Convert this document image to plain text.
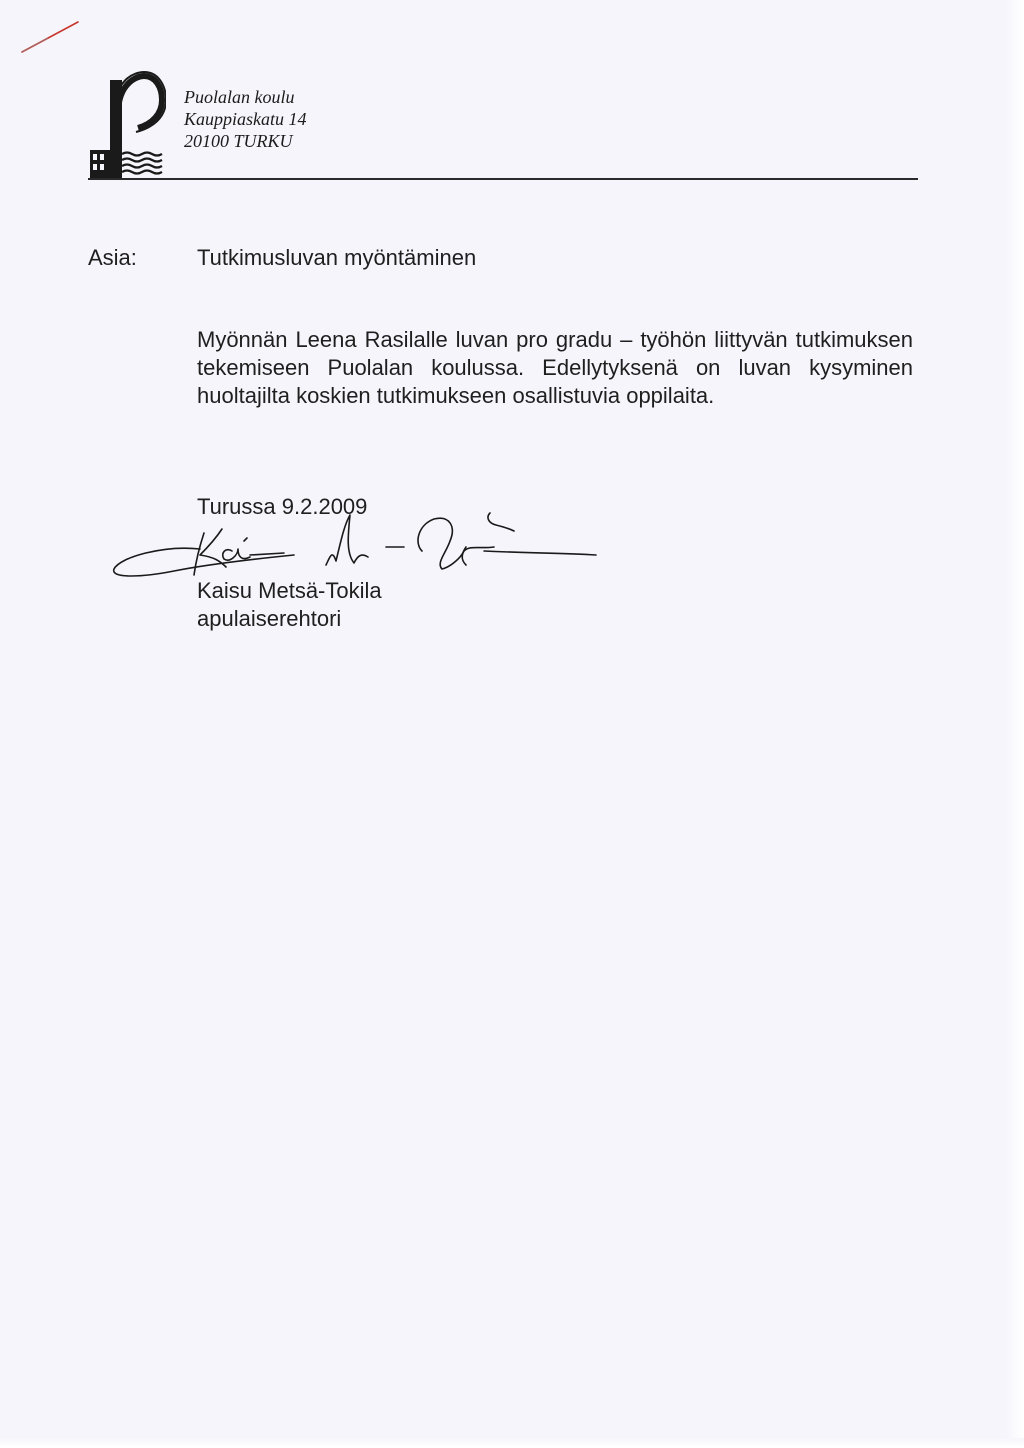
Puolalan koulu
Kauppiaskatu 14
20100 TURKU
Asia:	Tutkimusluvan myöntäminen

Myönnän Leena Rasilalle luvan pro gradu – työhön liittyvän tutkimuksen tekemiseen Puolalan koulussa. Edellytyksenä on luvan kysyminen huoltajilta koskien tutkimukseen osallistuvia oppilaita.

Turussa 9.2.2009
Kaisu Metsä-Tokila
apulaiserehtori
